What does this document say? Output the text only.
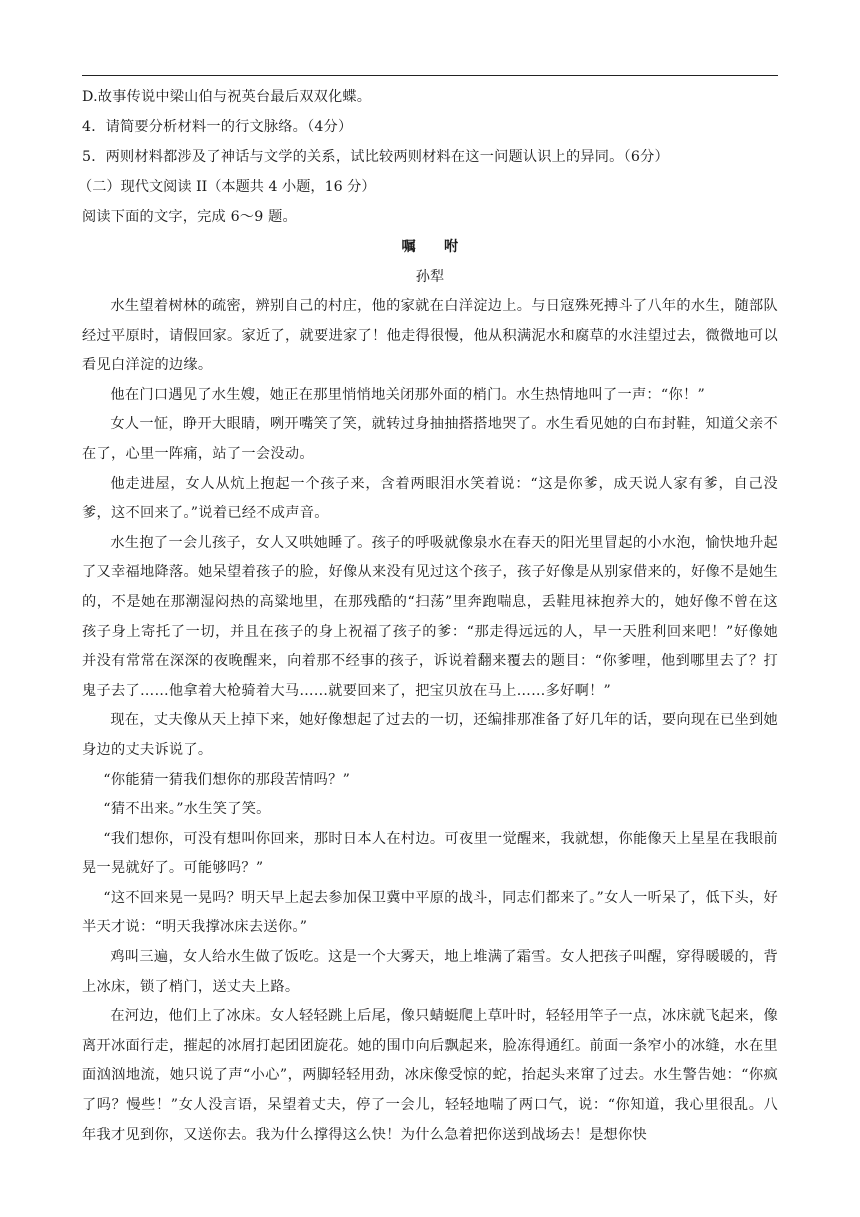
D.故事传说中梁山伯与祝英台最后双双化蝶。
4．请简要分析材料一的行文脉络。（4分）
5．两则材料都涉及了神话与文学的关系，试比较两则材料在这一问题认识上的异同。（6分）
（二）现代文阅读 II（本题共 4 小题，16 分）
阅读下面的文字，完成 6～9 题。
嘱 咐
孙犁
水生望着树林的疏密，辨别自己的村庄，他的家就在白洋淀边上。与日寇殊死搏斗了八年的水生，随部队经过平原时，请假回家。家近了，就要进家了！他走得很慢，他从积满泥水和腐草的水洼望过去，微微地可以看见白洋淀的边缘。
他在门口遇见了水生嫂，她正在那里悄悄地关闭那外面的梢门。水生热情地叫了一声：“你！”
女人一怔，睁开大眼睛，咧开嘴笑了笑，就转过身抽抽搭搭地哭了。水生看见她的白布封鞋，知道父亲不在了，心里一阵痛，站了一会没动。
他走进屋，女人从炕上抱起一个孩子来，含着两眼泪水笑着说：“这是你爹，成天说人家有爹，自己没爹，这不回来了。”说着已经不成声音。
水生抱了一会儿孩子，女人又哄她睡了。孩子的呼吸就像泉水在春天的阳光里冒起的小水泡，愉快地升起了又幸福地降落。她呆望着孩子的脸，好像从来没有见过这个孩子，孩子好像是从别家借来的，好像不是她生的，不是她在那潮湿闷热的高粱地里，在那残酷的“扫荡”里奔跑喘息，丢鞋甩袜抱养大的，她好像不曾在这孩子身上寄托了一切，并且在孩子的身上祝福了孩子的爹：“那走得远远的人，早一天胜利回来吧！”好像她并没有常常在深深的夜晚醒来，向着那不经事的孩子，诉说着翻来覆去的题目：“你爹哩，他到哪里去了？打鬼子去了……他拿着大枪骑着大马……就要回来了，把宝贝放在马上……多好啊！”
现在，丈夫像从天上掉下来，她好像想起了过去的一切，还编排那准备了好几年的话，要向现在已坐到她身边的丈夫诉说了。
“你能猜一猜我们想你的那段苦情吗？”
“猜不出来。”水生笑了笑。
“我们想你，可没有想叫你回来，那时日本人在村边。可夜里一觉醒来，我就想，你能像天上星星在我眼前晃一晃就好了。可能够吗？”
“这不回来晃一晃吗？明天早上起去参加保卫冀中平原的战斗，同志们都来了。”女人一听呆了，低下头，好半天才说：“明天我撑冰床去送你。”
鸡叫三遍，女人给水生做了饭吃。这是一个大雾天，地上堆满了霜雪。女人把孩子叫醒，穿得暖暖的，背上冰床，锁了梢门，送丈夫上路。
在河边，他们上了冰床。女人轻轻跳上后尾，像只蜻蜓爬上草叶时，轻轻用竿子一点，冰床就飞起来，像离开冰面行走，摧起的冰屑打起团团旋花。她的围巾向后飘起来，脸冻得通红。前面一条窄小的冰缝，水在里面汹汹地流，她只说了声“小心”，两脚轻轻用劲，冰床像受惊的蛇，抬起头来窜了过去。水生警告她：“你疯了吗？慢些！”女人没言语，呆望着丈夫，停了一会儿，轻轻地喘了两口气，说：“你知道，我心里很乱。八年我才见到你，又送你去。我为什么撑得这么快！为什么急着把你送到战场去！是想你快
